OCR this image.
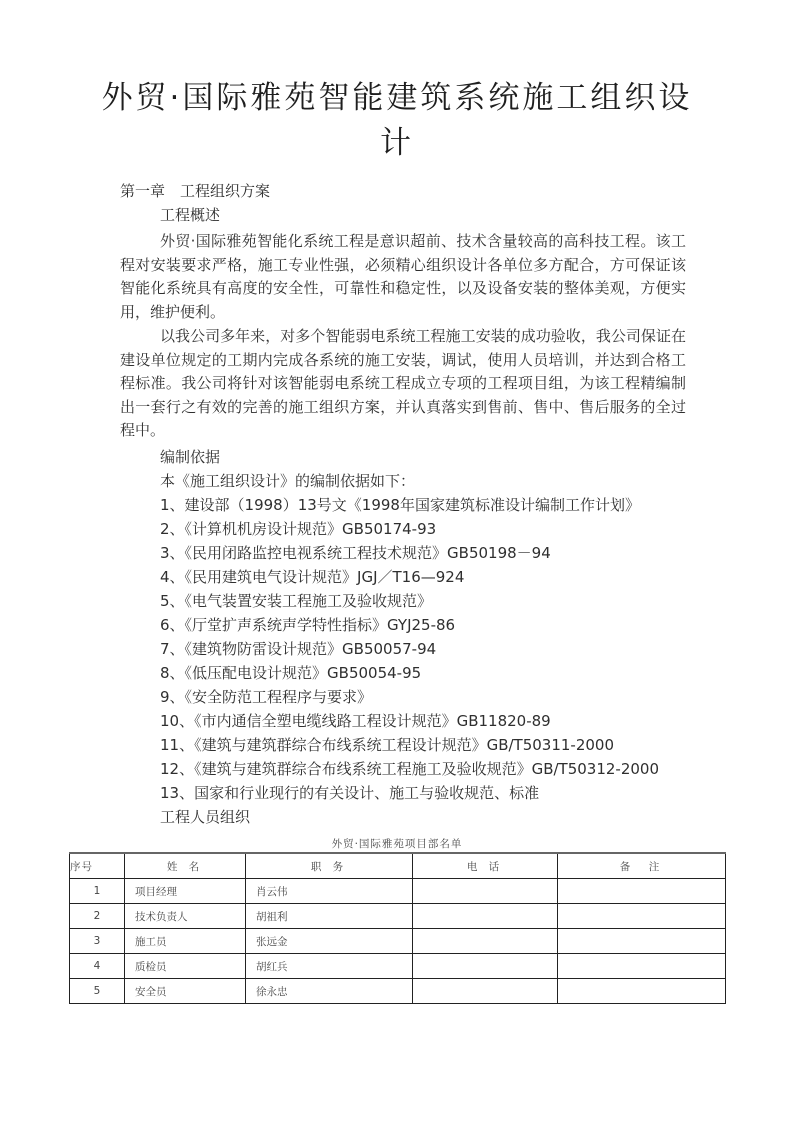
外贸·国际雅苑智能建筑系统施工组织设
计
第一章　工程组织方案
工程概述
外贸·国际雅苑智能化系统工程是意识超前、技术含量较高的高科技工程。该工程对安装要求严格，施工专业性强，必须精心组织设计各单位多方配合，方可保证该智能化系统具有高度的安全性，可靠性和稳定性，以及设备安装的整体美观，方便实用，维护便利。
以我公司多年来，对多个智能弱电系统工程施工安装的成功验收，我公司保证在建设单位规定的工期内完成各系统的施工安装，调试，使用人员培训，并达到合格工程标准。我公司将针对该智能弱电系统工程成立专项的工程项目组，为该工程精编制出一套行之有效的完善的施工组织方案，并认真落实到售前、售中、售后服务的全过程中。
编制依据
本《施工组织设计》的编制依据如下：
1、建设部（1998）13号文《1998年国家建筑标准设计编制工作计划》
2、《计算机机房设计规范》GB50174-93
3、《民用闭路监控电视系统工程技术规范》GB50198－94
4、《民用建筑电气设计规范》JGJ／T16—924
5、《电气装置安装工程施工及验收规范》
6、《厅堂扩声系统声学特性指标》GYJ25-86
7、《建筑物防雷设计规范》GB50057-94
8、《低压配电设计规范》GB50054-95
9、《安全防范工程程序与要求》
10、《市内通信全塑电缆线路工程设计规范》GB11820-89
11、《建筑与建筑群综合布线系统工程设计规范》GB/T50311-2000
12、《建筑与建筑群综合布线系统工程施工及验收规范》GB/T50312-2000
13、国家和行业现行的有关设计、施工与验收规范、标准
工程人员组织
外贸·国际雅苑项目部名单
序号	姓 名	职 务	电 话	备　注
1	项目经理	肖云伟		
2	技术负责人	胡祖利		
3	施工员	张远金		
4	质检员	胡红兵		
5	安全员	徐永忠		
